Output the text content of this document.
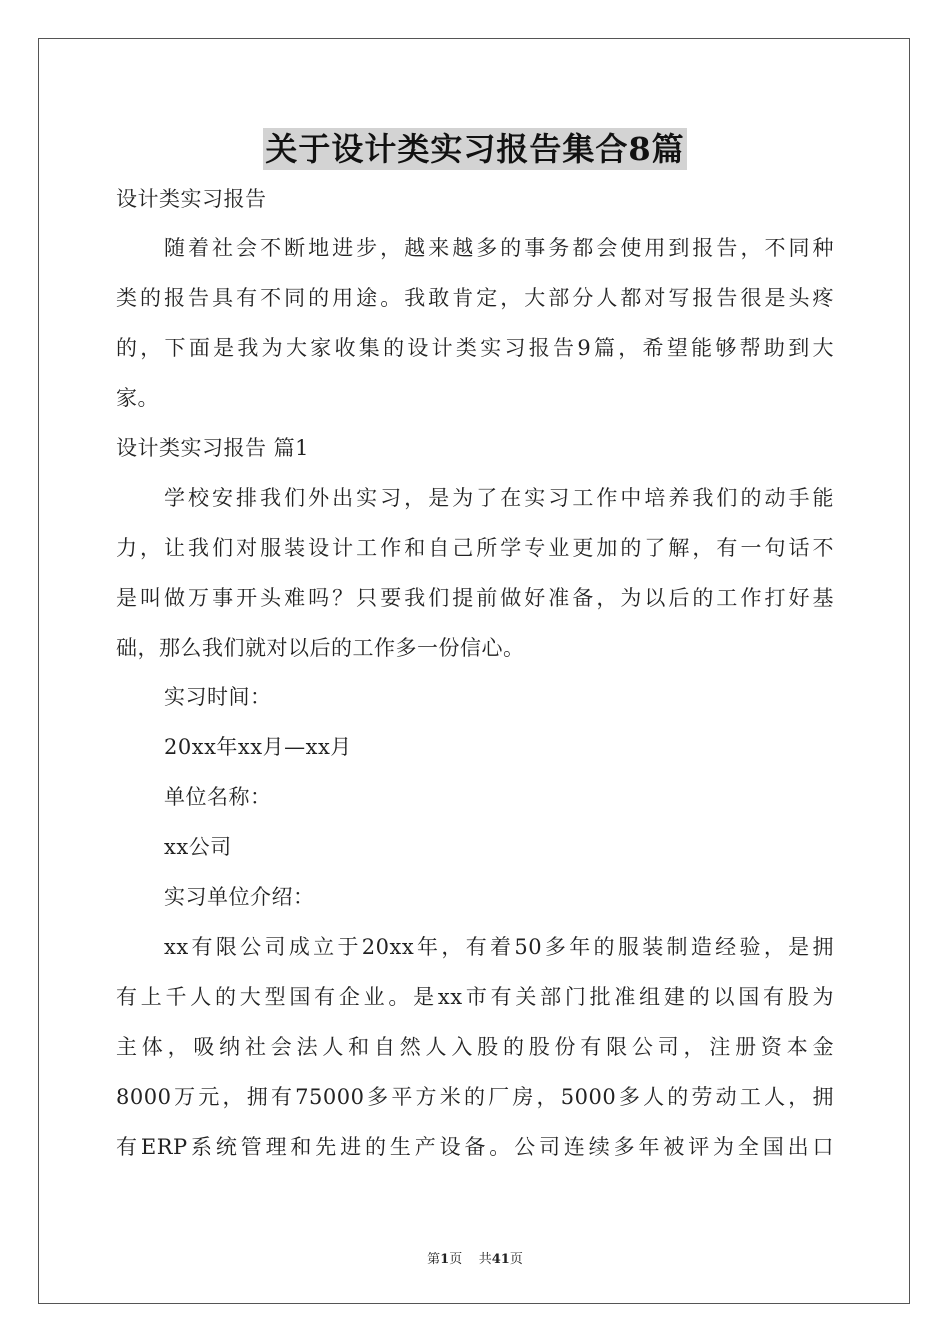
关于设计类实习报告集合8篇
设计类实习报告
随着社会不断地进步，越来越多的事务都会使用到报告，不同种
类的报告具有不同的用途。我敢肯定，大部分人都对写报告很是头疼
的，下面是我为大家收集的设计类实习报告9篇，希望能够帮助到大
家。
设计类实习报告 篇1
学校安排我们外出实习，是为了在实习工作中培养我们的动手能
力，让我们对服装设计工作和自己所学专业更加的了解，有一句话不
是叫做万事开头难吗？只要我们提前做好准备，为以后的工作打好基
础，那么我们就对以后的工作多一份信心。
实习时间：
20xx年xx月—xx月
单位名称：
xx公司
实习单位介绍：
xx有限公司成立于20xx年，有着50多年的服装制造经验，是拥
有上千人的大型国有企业。是xx市有关部门批准组建的以国有股为
主体，吸纳社会法人和自然人入股的股份有限公司，注册资本金
8000万元，拥有75000多平方米的厂房，5000多人的劳动工人，拥
有ERP系统管理和先进的生产设备。公司连续多年被评为全国出口
第1页 共41页
